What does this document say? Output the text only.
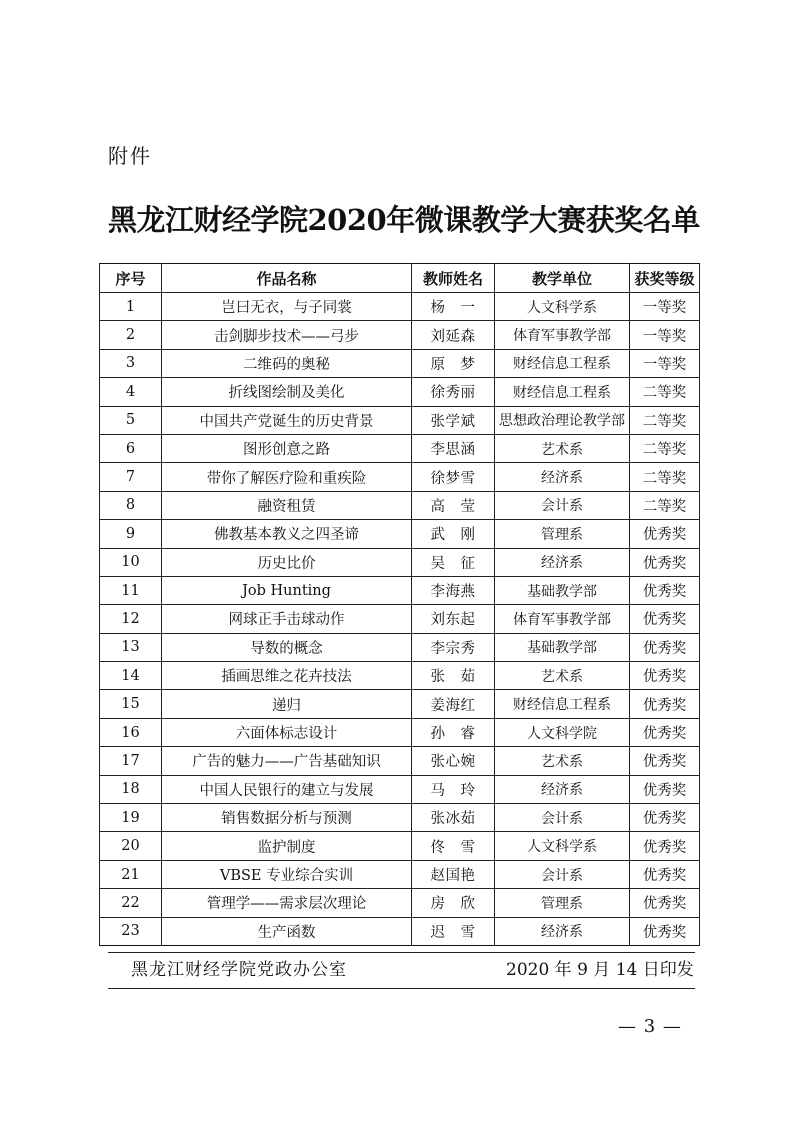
附件
黑龙江财经学院2020年微课教学大赛获奖名单
序号	作品名称	教师姓名	教学单位	获奖等级
1	岂曰无衣，与子同裳	杨　一	人文科学系	一等奖
2	击剑脚步技术——弓步	刘延森	体育军事教学部	一等奖
3	二维码的奥秘	原　梦	财经信息工程系	一等奖
4	折线图绘制及美化	徐秀丽	财经信息工程系	二等奖
5	中国共产党诞生的历史背景	张学斌	思想政治理论教学部	二等奖
6	图形创意之路	李思涵	艺术系	二等奖
7	带你了解医疗险和重疾险	徐梦雪	经济系	二等奖
8	融资租赁	高　莹	会计系	二等奖
9	佛教基本教义之四圣谛	武　刚	管理系	优秀奖
10	历史比价	吴　征	经济系	优秀奖
11	Job Hunting	李海燕	基础教学部	优秀奖
12	网球正手击球动作	刘东起	体育军事教学部	优秀奖
13	导数的概念	李宗秀	基础教学部	优秀奖
14	插画思维之花卉技法	张　茹	艺术系	优秀奖
15	递归	姜海红	财经信息工程系	优秀奖
16	六面体标志设计	孙　睿	人文科学院	优秀奖
17	广告的魅力——广告基础知识	张心婉	艺术系	优秀奖
18	中国人民银行的建立与发展	马　玲	经济系	优秀奖
19	销售数据分析与预测	张冰茹	会计系	优秀奖
20	监护制度	佟　雪	人文科学系	优秀奖
21	VBSE 专业综合实训	赵国艳	会计系	优秀奖
22	管理学——需求层次理论	房　欣	管理系	优秀奖
23	生产函数	迟　雪	经济系	优秀奖
黑龙江财经学院党政办公室	2020 年 9 月 14 日印发
— 3 —
